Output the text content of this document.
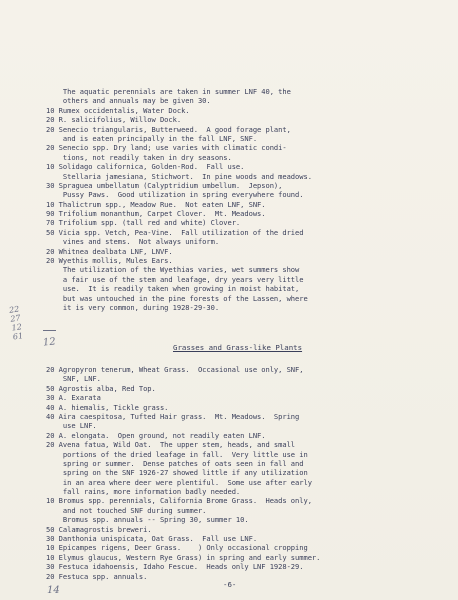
The aquatic perennials are taken in summer LNF 40, the
others and annuals may be given 30.
10 Rumex occidentalis, Water Dock.
20 R. salicifolius, Willow Dock.
20 Senecio triangularis, Butterweed.  A good forage plant,
and is eaten principally in the fall LNF, SNF.
20 Senecio spp. Dry land; use varies with climatic condi-
tions, not readily taken in dry seasons.
10 Solidago californica, Golden-Rod.  Fall use.
Stellaria jamesiana, Stichwort.  In pine woods and meadows.
30 Spraguea umbellatum (Calyptridium umbellum.  Jepson),
Pussy Paws.  Good utilization in spring everywhere found.
10 Thalictrum spp., Meadow Rue.  Not eaten LNF, SNF.
90 Trifolium monanthum, Carpet Clover.  Mt. Meadows.
70 Trifolium spp. (tall red and white) Clover.
50 Vicia spp. Vetch, Pea-Vine.  Fall utilization of the dried
vines and stems.  Not always uniform.
20 Whitnea dealbata LNF, LNVF.
20 Wyethis mollis, Mules Ears.
The utilization of the Wyethias varies, wet summers show
a fair use of the stem and leafage, dry years very little
use.  It is readily taken when growing in moist habitat,
but was untouched in the pine forests of the Lassen, where
it is very common, during 1928-29-30.
Grasses and Grass-like Plants
20 Agropyron tenerum, Wheat Grass.  Occasional use only, SNF,
SNF, LNF.
50 Agrostis alba, Red Top.
30 A. Exarata
40 A. hiemalis, Tickle grass.
40 Aira caespitosa, Tufted Hair grass.  Mt. Meadows.  Spring
use LNF.
20 A. elongata.  Open ground, not readily eaten LNF.
20 Avena fatua, Wild Oat.  The upper stem, heads, and small
portions of the dried leafage in fall.  Very little use in
spring or summer.  Dense patches of oats seen in fall and
spring on the SNF 1926-27 showed little if any utilization
in an area where deer were plentiful.  Some use after early
fall rains, more information badly needed.
10 Bromus spp. perennials, California Brome Grass.  Heads only,
and not touched SNF during summer.
Bromus spp. annuals -- Spring 30, summer 10.
50 Calamagrostis breweri.
30 Danthonia unispicata, Oat Grass.  Fall use LNF.
10 Epicampes rigens, Deer Grass.    ) Only occasional cropping
10 Elymus glaucus, Western Rye Grass) in spring and early summer.
30 Festuca idahoensis, Idaho Fescue.  Heads only LNF 1928-29.
20 Festuca spp. annuals.
22
27
12
61 12
14
-6-
